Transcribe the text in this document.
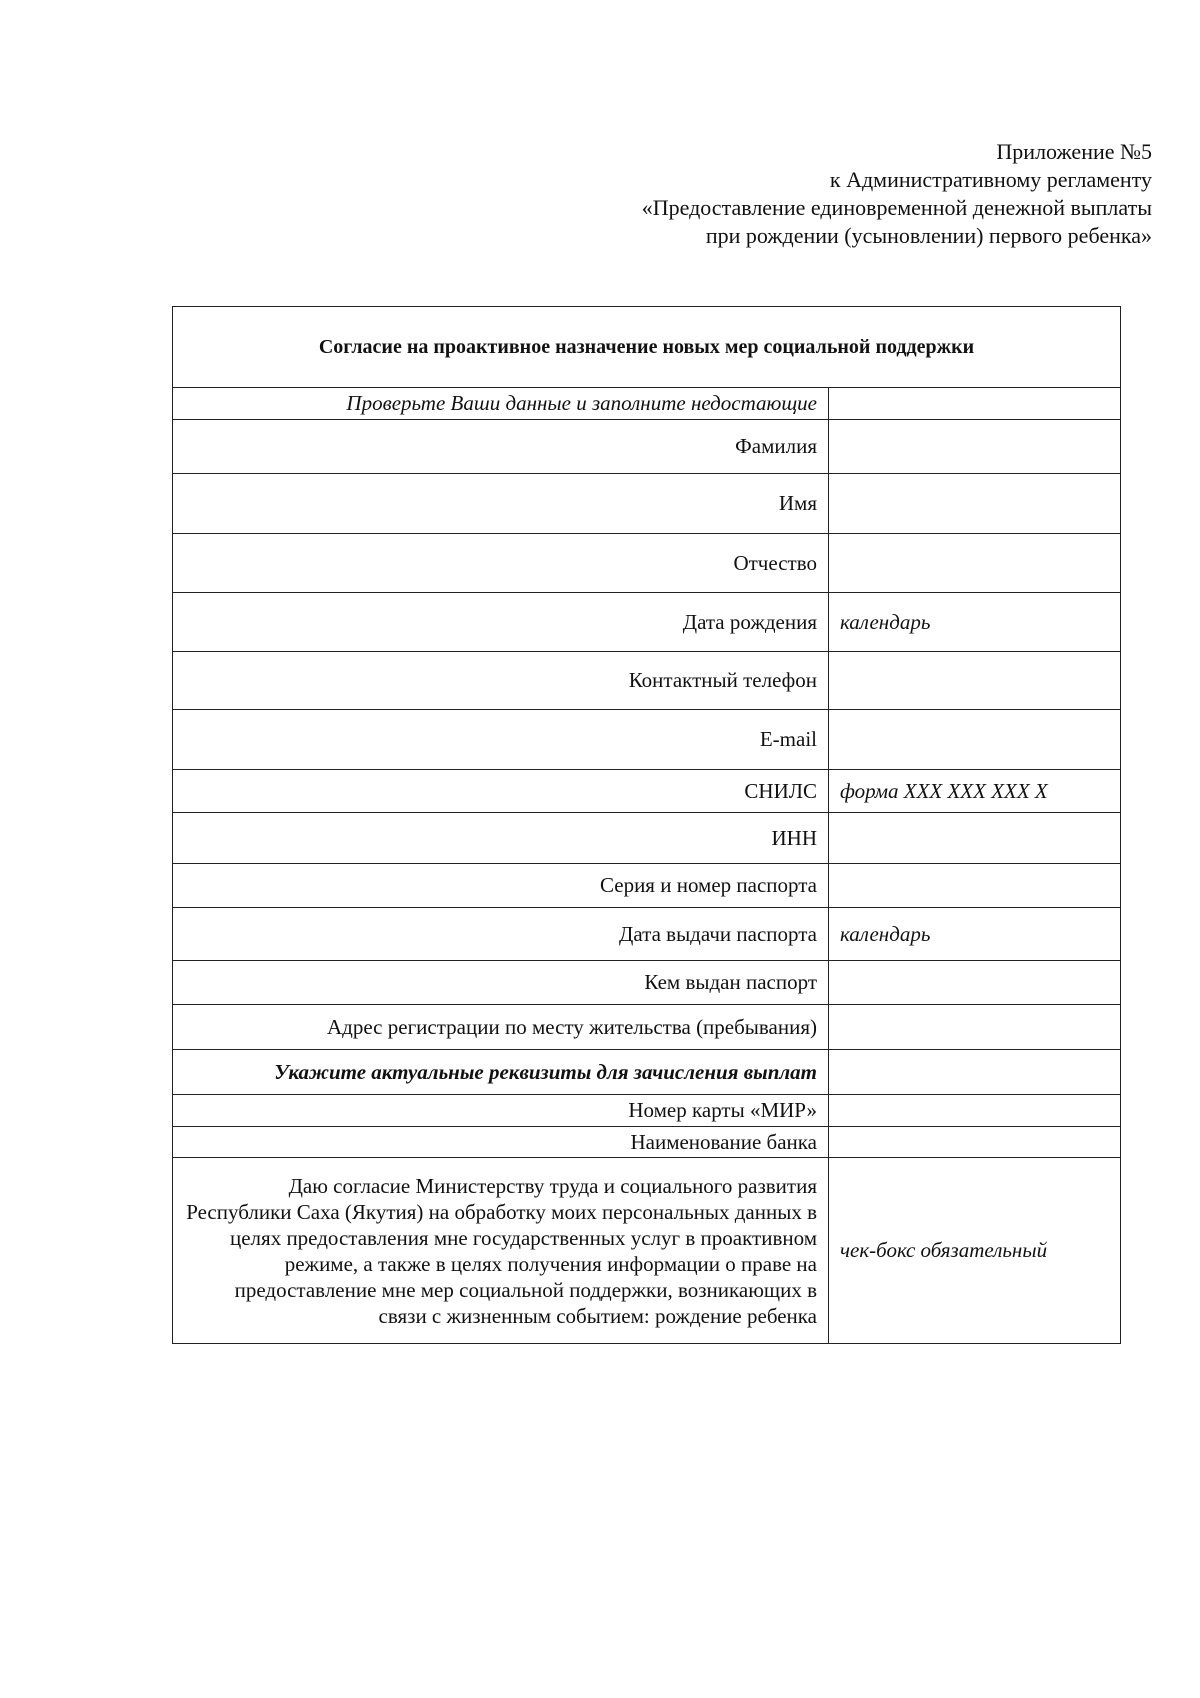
Приложение №5
к Административному регламенту
«Предоставление единовременной денежной выплаты
при рождении (усыновлении) первого ребенка»
Согласие на проактивное назначение новых мер социальной поддержки	
Проверьте Ваши данные и заполните недостающие	
Фамилия	
Имя	
Отчество	
Дата рождения	календарь
Контактный телефон	
E-mail	
СНИЛС	форма XXX XXX XXX X
ИНН	
Серия и номер паспорта	
Дата выдачи паспорта	календарь
Кем выдан паспорт	
Адрес регистрации по месту жительства (пребывания)	
Укажите актуальные реквизиты для зачисления выплат	
Номер карты «МИР»	
Наименование банка	
Даю согласие Министерству труда и социального развития Республики Саха (Якутия) на обработку моих персональных данных в целях предоставления мне государственных услуг в проактивном режиме, а также в целях получения информации о праве на предоставление мне мер социальной поддержки, возникающих в связи с жизненным событием: рождение ребенка	чек-бокс обязательный
